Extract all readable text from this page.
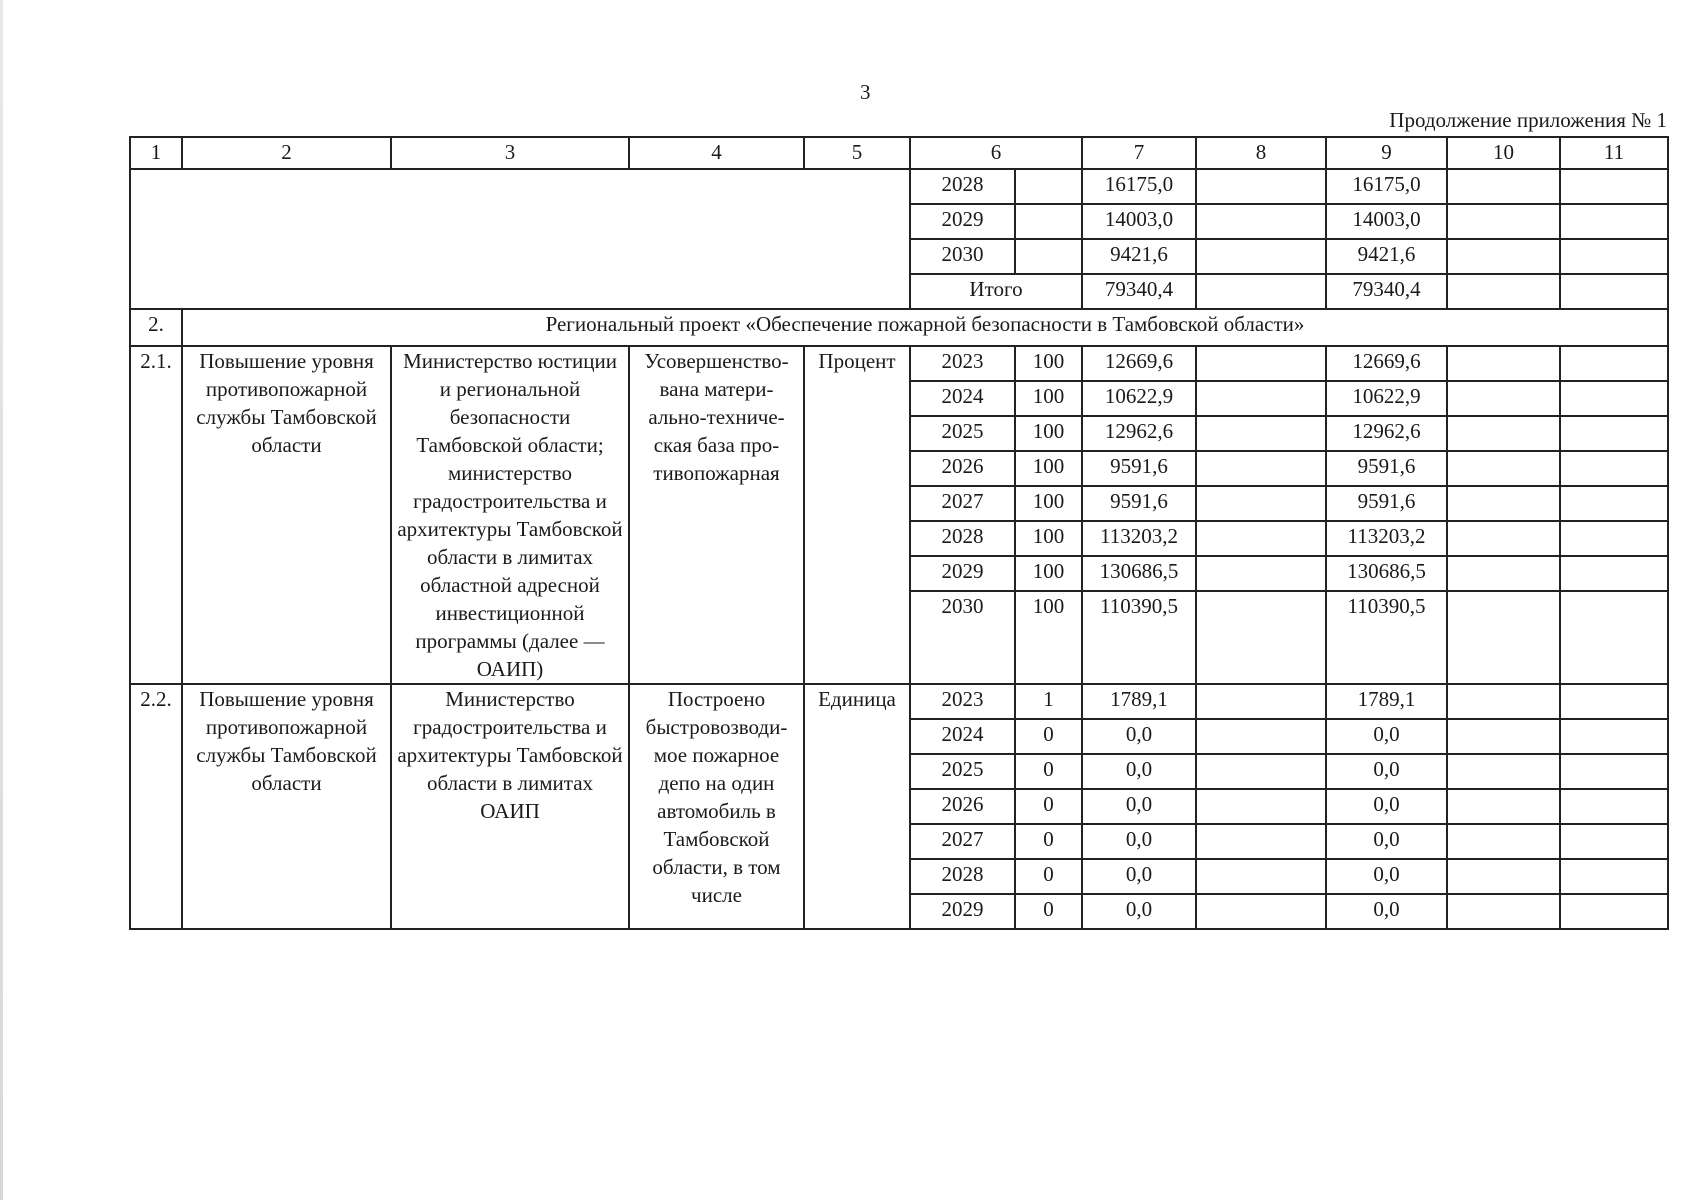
3
Продолжение приложения № 1
1	2	3	4	5	6		7	8	9	10	11
					2028		16175,0		16175,0		
					2029		14003,0		14003,0		
					2030		9421,6		9421,6		
					Итого		79340,4		79340,4		
2.	Региональный проект «Обеспечение пожарной безопасности в Тамбовской области»										
2.1.	Повышение уровня противопожарной службы Тамбовской области	Министерство юстиции и региональной безопасности Тамбовской области; министерство градостроительства и архитектуры Тамбовской области в лимитах областной адресной инвестиционной программы (далее — ОАИП)	Усовершенство-вана матери-ально-техниче-ская база про-тивопожарная	Процент	2023	100	12669,6		12669,6		
					2024	100	10622,9		10622,9		
					2025	100	12962,6		12962,6		
					2026	100	9591,6		9591,6		
					2027	100	9591,6		9591,6		
					2028	100	113203,2		113203,2		
					2029	100	130686,5		130686,5		
					2030	100	110390,5		110390,5		

2.2.	Повышение уровня противопожарной службы Тамбовской области	Министерство градостроительства и архитектуры Тамбовской области в лимитах ОАИП	Построено быстровозводи-мое пожарное депо на один автомобиль в Тамбовской области, в том числе	Единица	2023	1	1789,1		1789,1		
					2024	0	0,0		0,0		
					2025	0	0,0		0,0		
					2026	0	0,0		0,0		
					2027	0	0,0		0,0		
					2028	0	0,0		0,0		
					2029	0	0,0		0,0		
